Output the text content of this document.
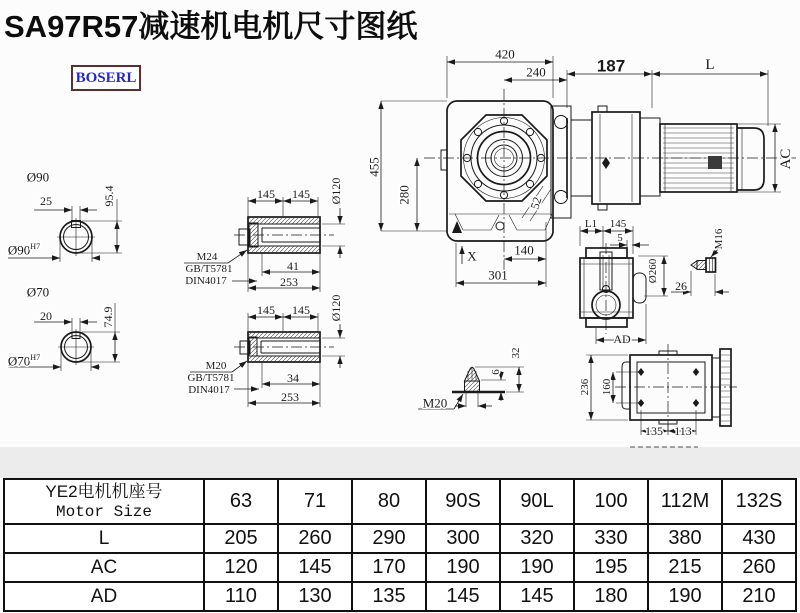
SA97R57减速机电机尺寸图纸
BOSERL
Ø90
25	95.4
$Ø90^{H7}$
Ø70
20	74.9
$Ø70^{H7}$
145 145 Ø120
M24
GB/T5781
DIN4017
41
253
145 145 Ø120
M20
GB/T5781
DIN4017
34
253
420
240
455
280	52
X	140
301
187	L
AC
L1 145
5
Ø260
AD
M16
26
32
6
M20
236 160
135 113
YE2电机机座号
Motor Size	63	71	80	90S	90L	100	112M	132S
L	205	260	290	300	320	330	380	430
AC	120	145	170	190	190	195	215	260
AD	110	130	135	145	145	180	190	210
